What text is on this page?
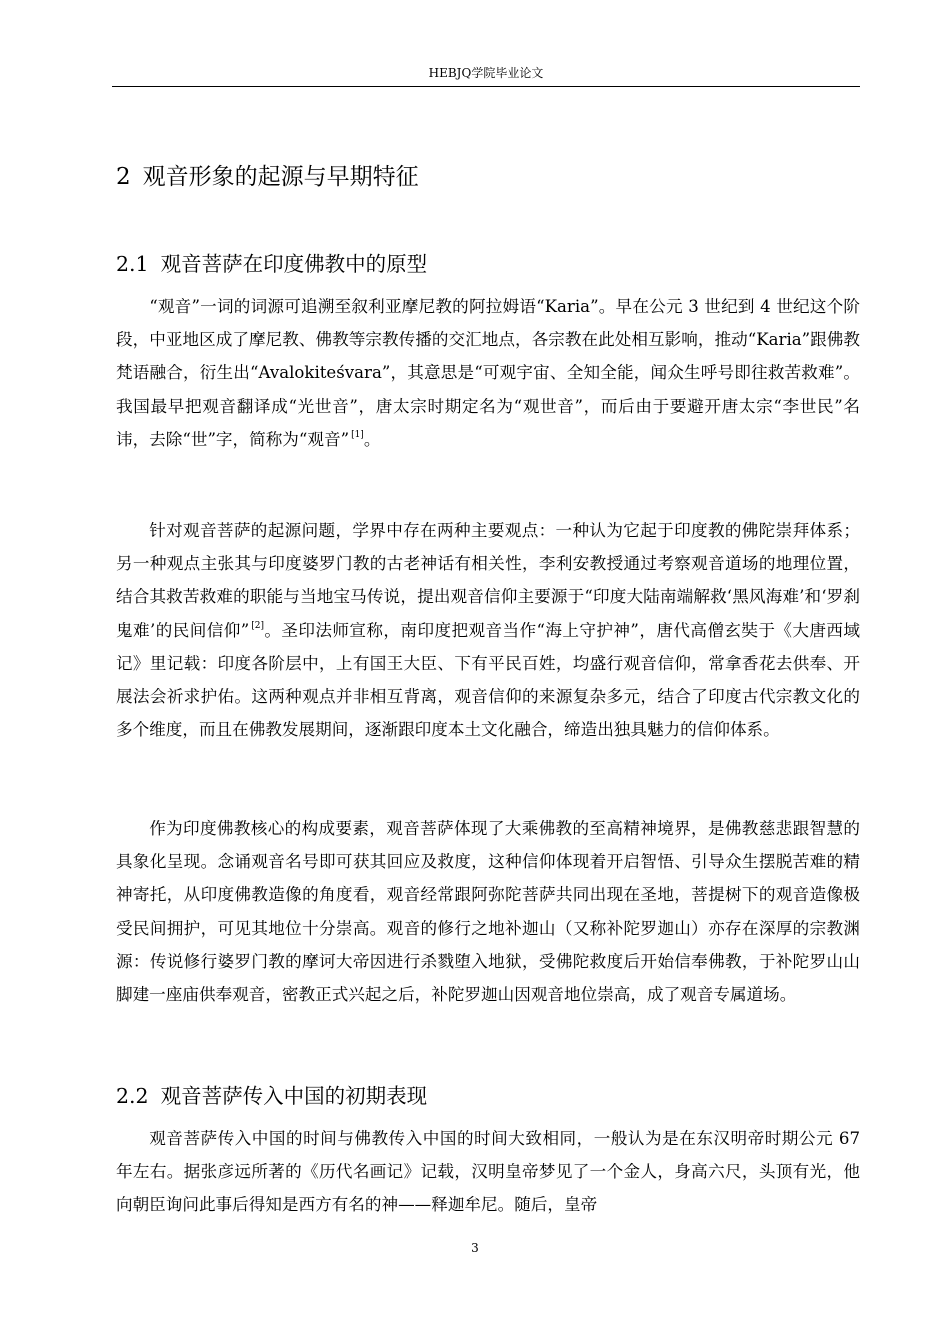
HEBJQ学院毕业论文
2 观音形象的起源与早期特征
2.1 观音菩萨在印度佛教中的原型

“观音”一词的词源可追溯至叙利亚摩尼教的阿拉姆语“Karia”。早在公元 3 世纪到 4 世纪这个阶段，中亚地区成了摩尼教、佛教等宗教传播的交汇地点，各宗教在此处相互影响，推动“Karia”跟佛教梵语融合，衍生出“Avalokiteśvara”，其意思是“可观宇宙、全知全能，闻众生呼号即往救苦救难”。我国最早把观音翻译成“光世音”，唐太宗时期定名为“观世音”，而后由于要避开唐太宗“李世民”名讳，去除“世”字，简称为“观音” [1]。

针对观音菩萨的起源问题，学界中存在两种主要观点：一种认为它起于印度教的佛陀崇拜体系；另一种观点主张其与印度婆罗门教的古老神话有相关性，李利安教授通过考察观音道场的地理位置，结合其救苦救难的职能与当地宝马传说，提出观音信仰主要源于“印度大陆南端解救‘黑风海难’和‘罗刹鬼难’的民间信仰” [2]。圣印法师宣称，南印度把观音当作“海上守护神”，唐代高僧玄奘于《大唐西域记》里记载：印度各阶层中，上有国王大臣、下有平民百姓，均盛行观音信仰，常拿香花去供奉、开展法会祈求护佑。这两种观点并非相互背离，观音信仰的来源复杂多元，结合了印度古代宗教文化的多个维度，而且在佛教发展期间，逐渐跟印度本土文化融合，缔造出独具魅力的信仰体系。

作为印度佛教核心的构成要素，观音菩萨体现了大乘佛教的至高精神境界，是佛教慈悲跟智慧的具象化呈现。念诵观音名号即可获其回应及救度，这种信仰体现着开启智悟、引导众生摆脱苦难的精神寄托，从印度佛教造像的角度看，观音经常跟阿弥陀菩萨共同出现在圣地，菩提树下的观音造像极受民间拥护，可见其地位十分崇高。观音的修行之地补迦山（又称补陀罗迦山）亦存在深厚的宗教渊源：传说修行婆罗门教的摩诃大帝因进行杀戮堕入地狱，受佛陀救度后开始信奉佛教，于补陀罗山山脚建一座庙供奉观音，密教正式兴起之后，补陀罗迦山因观音地位崇高，成了观音专属道场。

2.2 观音菩萨传入中国的初期表现

观音菩萨传入中国的时间与佛教传入中国的时间大致相同，一般认为是在东汉明帝时期公元 67 年左右。据张彦远所著的《历代名画记》记载，汉明皇帝梦见了一个金人，身高六尺，头顶有光，他向朝臣询问此事后得知是西方有名的神——释迦牟尼。随后，皇帝

3
